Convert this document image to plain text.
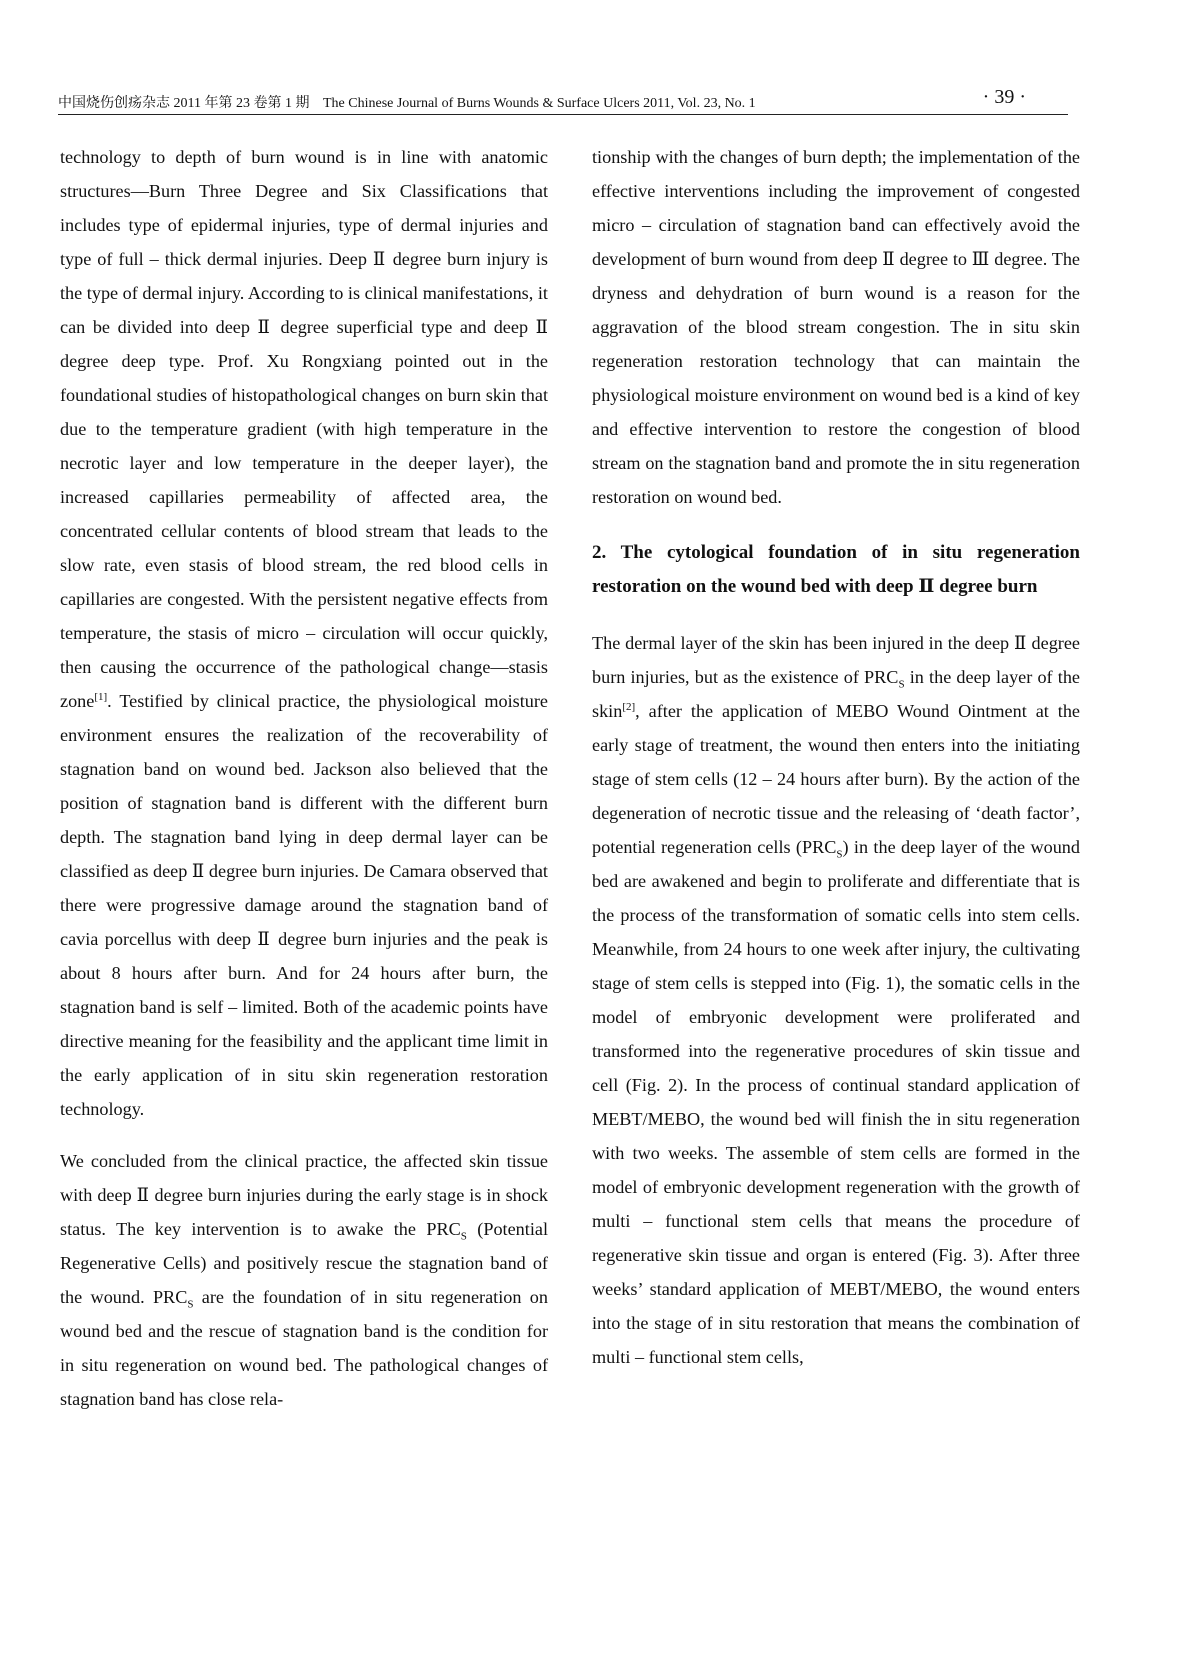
中国烧伤创疡杂志 2011 年第 23 卷第 1 期 The Chinese Journal of Burns Wounds & Surface Ulcers 2011, Vol. 23, No. 1	· 39 ·

technology to depth of burn wound is in line with anatomic structures—Burn Three Degree and Six Classifications that includes type of epidermal injuries, type of dermal injuries and type of full – thick dermal injuries. Deep Ⅱ degree burn injury is the type of dermal injury. According to is clinical manifestations, it can be divided into deep Ⅱ degree superficial type and deep Ⅱ degree deep type. Prof. Xu Rongxiang pointed out in the foundational studies of histopathological changes on burn skin that due to the temperature gradient (with high temperature in the necrotic layer and low temperature in the deeper layer), the increased capillaries permeability of affected area, the concentrated cellular contents of blood stream that leads to the slow rate, even stasis of blood stream, the red blood cells in capillaries are congested. With the persistent negative effects from temperature, the stasis of micro – circulation will occur quickly, then causing the occurrence of the pathological change—stasis zone[1]. Testified by clinical practice, the physiological moisture environment ensures the realization of the recoverability of stagnation band on wound bed. Jackson also believed that the position of stagnation band is different with the different burn depth. The stagnation band lying in deep dermal layer can be classified as deep Ⅱ degree burn injuries. De Camara observed that there were progressive damage around the stagnation band of cavia porcellus with deep Ⅱ degree burn injuries and the peak is about 8 hours after burn. And for 24 hours after burn, the stagnation band is self – limited. Both of the academic points have directive meaning for the feasibility and the applicant time limit in the early application of in situ skin regeneration restoration technology.

We concluded from the clinical practice, the affected skin tissue with deep Ⅱ degree burn injuries during the early stage is in shock status. The key intervention is to awake the $PRC_S$ (Potential Regenerative Cells) and positively rescue the stagnation band of the wound. $PRC_S$ are the foundation of in situ regeneration on wound bed and the rescue of stagnation band is the condition for in situ regeneration on wound bed. The pathological changes of stagnation band has close rela-

tionship with the changes of burn depth; the implementation of the effective interventions including the improvement of congested micro – circulation of stagnation band can effectively avoid the development of burn wound from deep Ⅱ degree to Ⅲ degree. The dryness and dehydration of burn wound is a reason for the aggravation of the blood stream congestion. The in situ skin regeneration restoration technology that can maintain the physiological moisture environment on wound bed is a kind of key and effective intervention to restore the congestion of blood stream on the stagnation band and promote the in situ regeneration restoration on wound bed.

2. The cytological foundation of in situ regeneration restoration on the wound bed with deep Ⅱ degree burn

The dermal layer of the skin has been injured in the deep Ⅱ degree burn injuries, but as the existence of $PRC_S$ in the deep layer of the skin[2], after the application of MEBO Wound Ointment at the early stage of treatment, the wound then enters into the initiating stage of stem cells (12 – 24 hours after burn). By the action of the degeneration of necrotic tissue and the releasing of ‘death factor’, potential regeneration cells $(PRC_S)$ in the deep layer of the wound bed are awakened and begin to proliferate and differentiate that is the process of the transformation of somatic cells into stem cells. Meanwhile, from 24 hours to one week after injury, the cultivating stage of stem cells is stepped into (Fig. 1), the somatic cells in the model of embryonic development were proliferated and transformed into the regenerative procedures of skin tissue and cell (Fig. 2). In the process of continual standard application of MEBT/MEBO, the wound bed will finish the in situ regeneration with two weeks. The assemble of stem cells are formed in the model of embryonic development regeneration with the growth of multi – functional stem cells that means the procedure of regenerative skin tissue and organ is entered (Fig. 3). After three weeks’ standard application of MEBT/MEBO, the wound enters into the stage of in situ restoration that means the combination of multi – functional stem cells,
